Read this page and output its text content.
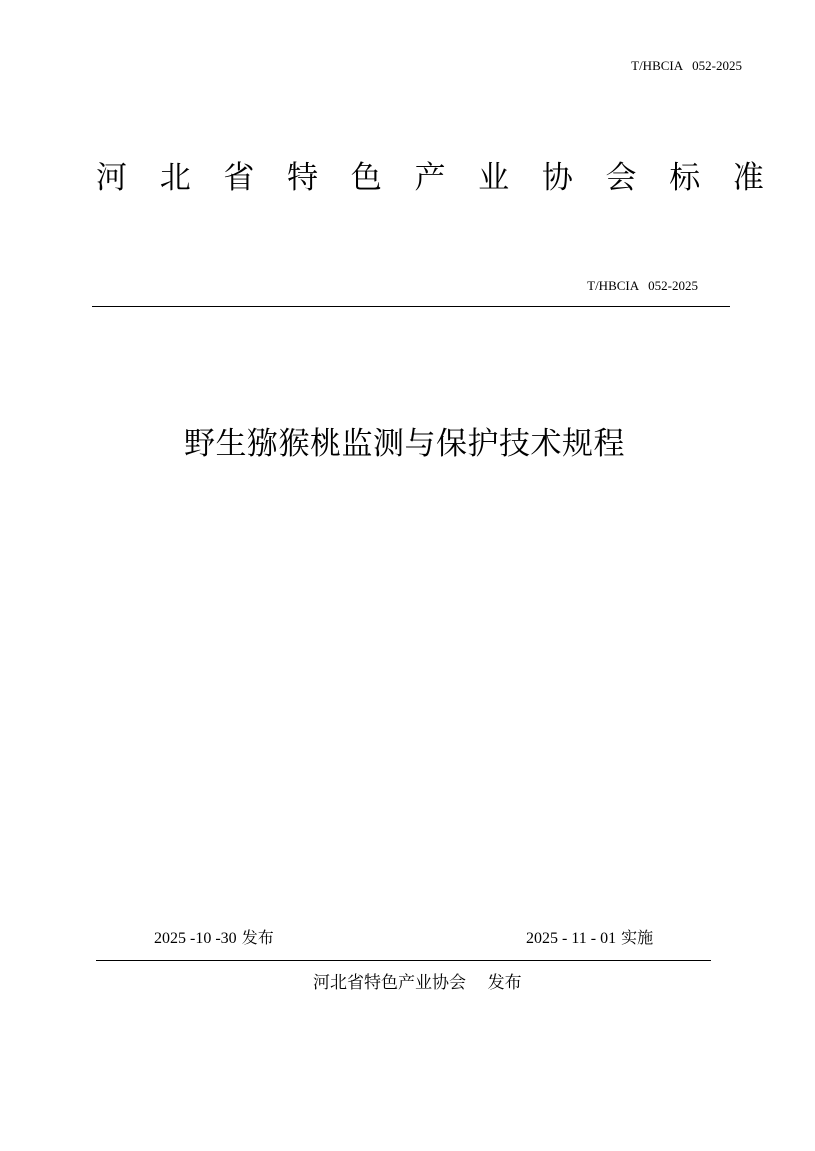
T/HBCIA   052-2025
河 北 省 特 色 产 业 协 会 标 准
T/HBCIA   052-2025
野生猕猴桃监测与保护技术规程
2025 -10 -30 发布	2025 - 11 - 01 实施
河北省特色产业协会 发布
